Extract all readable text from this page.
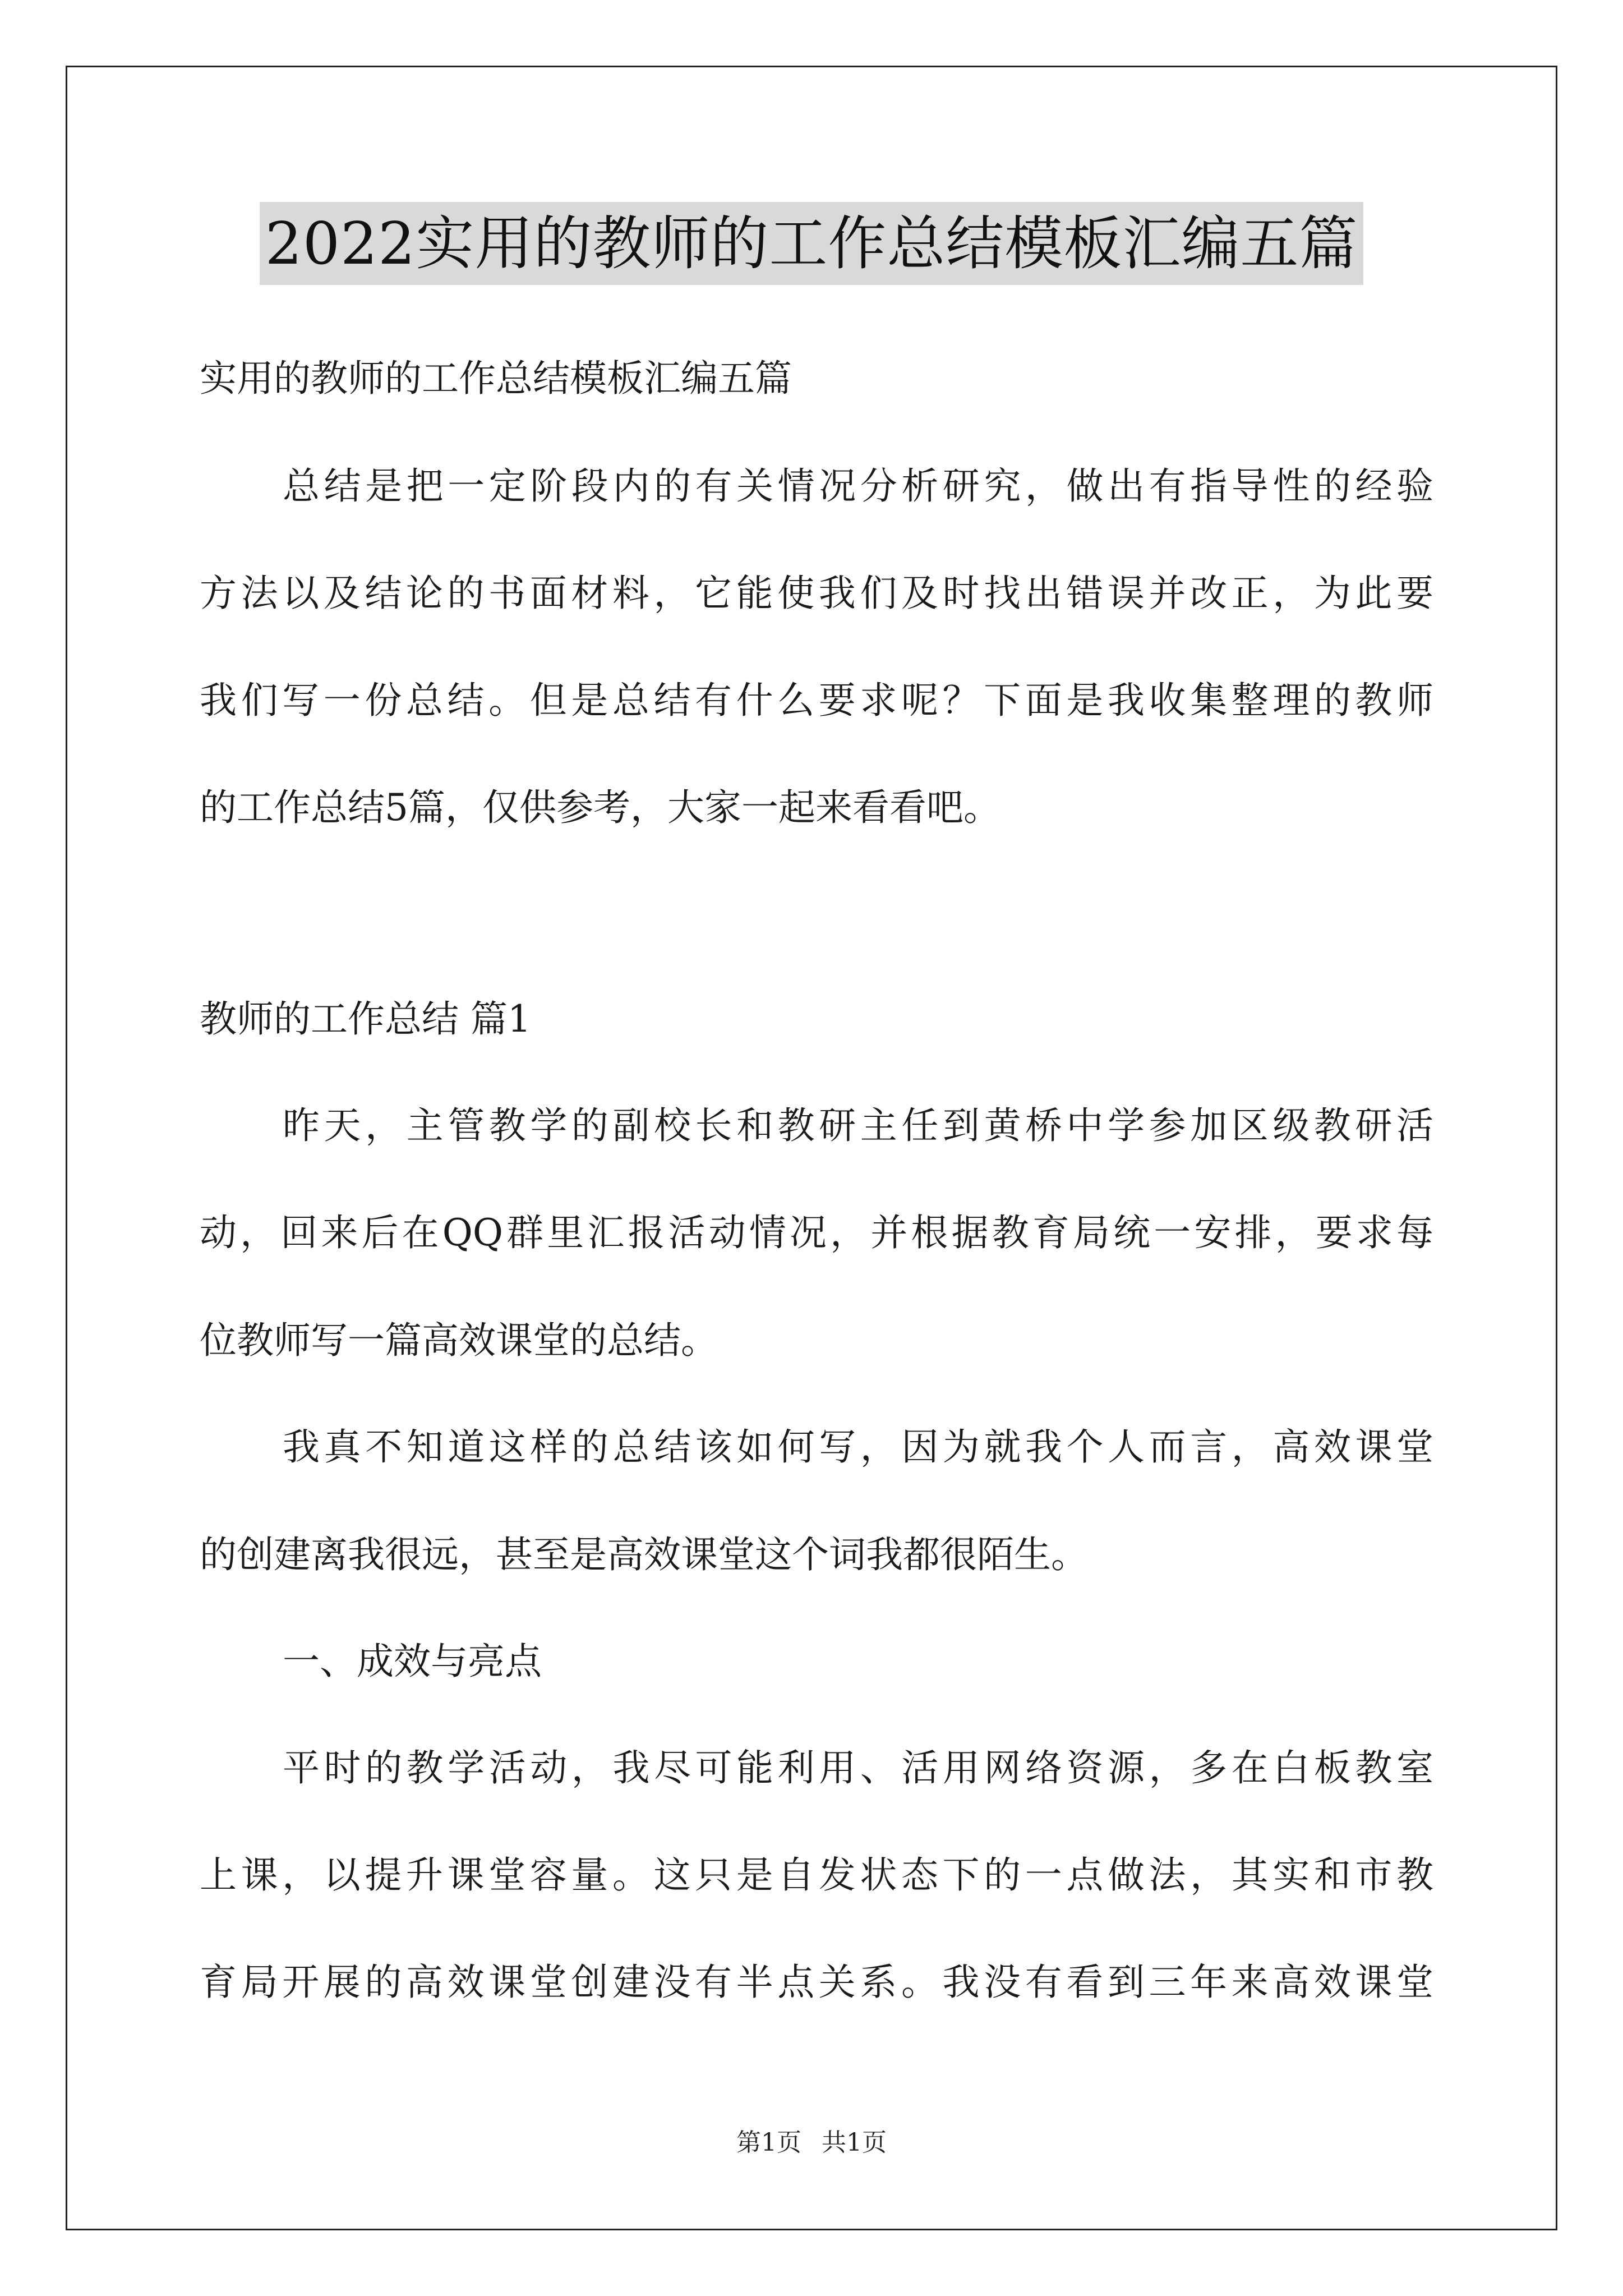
2022实用的教师的工作总结模板汇编五篇
实用的教师的工作总结模板汇编五篇
总结是把一定阶段内的有关情况分析研究，做出有指导性的经验
方法以及结论的书面材料，它能使我们及时找出错误并改正，为此要
我们写一份总结。但是总结有什么要求呢？下面是我收集整理的教师
的工作总结5篇，仅供参考，大家一起来看看吧。
教师的工作总结 篇1
昨天，主管教学的副校长和教研主任到黄桥中学参加区级教研活
动，回来后在QQ群里汇报活动情况，并根据教育局统一安排，要求每
位教师写一篇高效课堂的总结。
我真不知道这样的总结该如何写，因为就我个人而言，高效课堂
的创建离我很远，甚至是高效课堂这个词我都很陌生。
一、成效与亮点
平时的教学活动，我尽可能利用、活用网络资源，多在白板教室
上课，以提升课堂容量。这只是自发状态下的一点做法，其实和市教
育局开展的高效课堂创建没有半点关系。我没有看到三年来高效课堂
第1页 共1页
